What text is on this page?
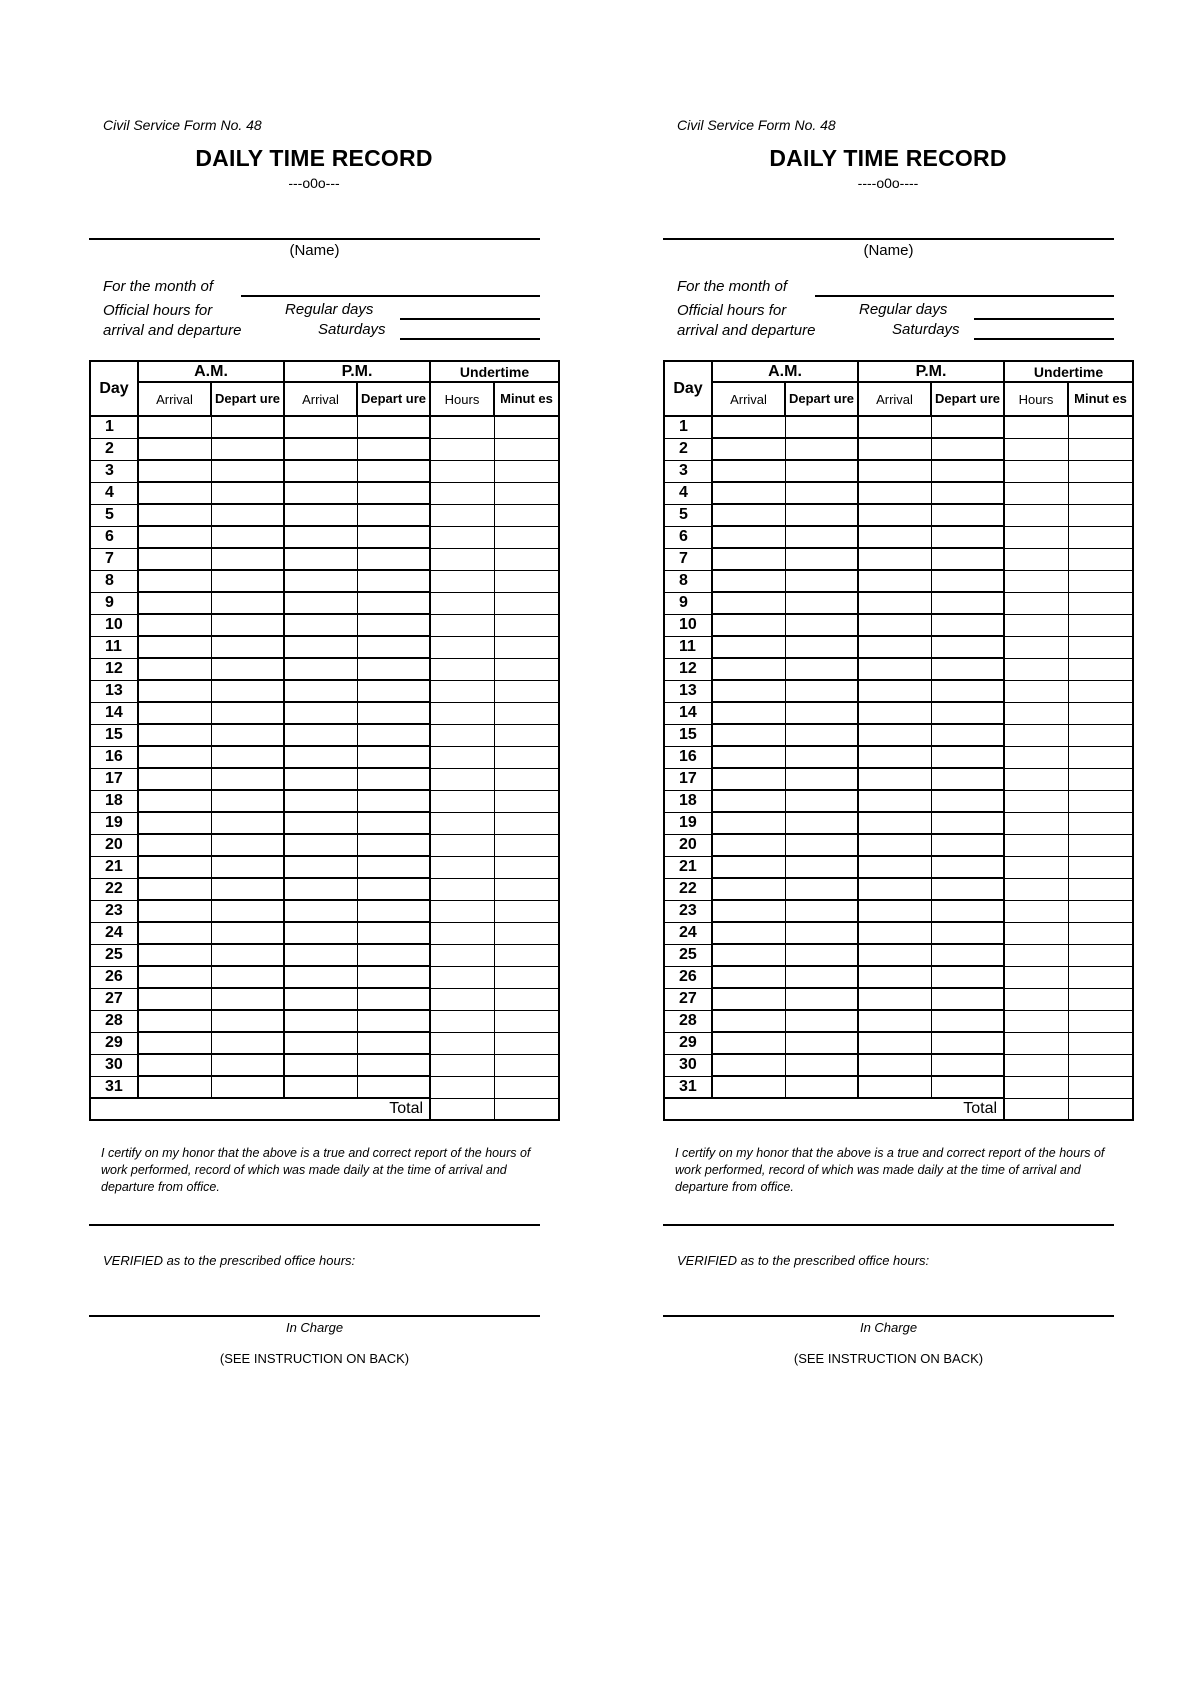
Civil Service Form No. 48
DAILY TIME RECORD
---o0o---
(Name)
For the month of
Official hours for
arrival and departure
Regular days
Saturdays
Day	A.M.		P.M.		Undertime	
	Arrival	Depart ure	Arrival	Depart ure	Hours	Minut es
1						
2						
3						
4						
5						
6						
7						
8						
9						
10						
11						
12						
13						
14						
15						
16						
17						
18						
19						
20						
21						
22						
23						
24						
25						
26						
27						
28						
29						
30						
31						
Total						
I certify on my honor that the above is a true and correct report of the hours of work performed, record of which was made daily at the time of arrival and departure from office.
VERIFIED as to the prescribed office hours:
In Charge
(SEE INSTRUCTION ON BACK)
Civil Service Form No. 48
DAILY TIME RECORD
----o0o----
(Name)
For the month of
Official hours for
arrival and departure
Regular days
Saturdays
Day	A.M.		P.M.		Undertime	
	Arrival	Depart ure	Arrival	Depart ure	Hours	Minut es
1						
2						
3						
4						
5						
6						
7						
8						
9						
10						
11						
12						
13						
14						
15						
16						
17						
18						
19						
20						
21						
22						
23						
24						
25						
26						
27						
28						
29						
30						
31						
Total						
I certify on my honor that the above is a true and correct report of the hours of work performed, record of which was made daily at the time of arrival and departure from office.
VERIFIED as to the prescribed office hours:
In Charge
(SEE INSTRUCTION ON BACK)
